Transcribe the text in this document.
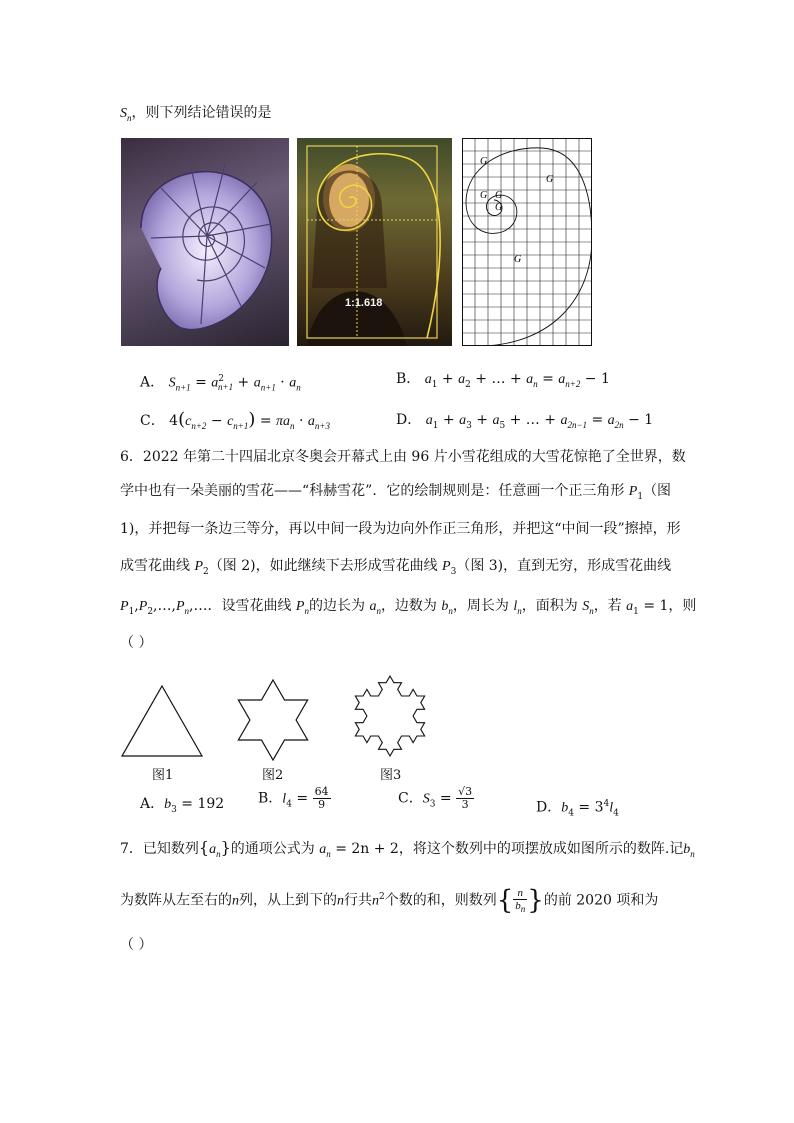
$S_n$，则下列结论错误的是
1:1.618
G
G
G G
G
G
A． $S_{n+1} = a^2_{n+1} + a_{n+1} \cdot a_n$
B． $a_1 + a_2$ + … + $a_n = a_{n+2} - 1$
C． $4(c_{n+2} - c_{n+1}) = \pi a_n \cdot a_{n+3}$	D． $a_1 + a_3 + a_5$ + … + $a_{2n-1} = a_{2n} - 1$
6．2022 年第二十四届北京冬奥会开幕式上由 96 片小雪花组成的大雪花惊艳了全世界，数
学中也有一朵美丽的雪花——“科赫雪花”．它的绘制规则是：任意画一个正三角形 $P_1$（图
1)，并把每一条边三等分，再以中间一段为边向外作正三角形，并把这“中间一段”擦掉，形
成雪花曲线 $P_2$（图 2)，如此继续下去形成雪花曲线 $P_3$（图 3)，直到无穷，形成雪花曲线
$P_1,P_2,\dots,P_n,\dots$．设雪花曲线 $P_n$的边长为 $a_n$，边数为 $b_n$，周长为 $l_n$，面积为 $S_n$，若 $a_1 = 1$，则
（ ）
图1	图2	图3
A．$b_3 = 192$ B．$l_4 = \frac{64}{9}$	C．$S_3 = \frac{√3}{3}$	D．$b_4 = 3^4l_4$
7．已知数列$\{a_n\}$的通项公式为 $a_n = 2n + 2$，将这个数列中的项摆放成如图所示的数阵.记$b_n$
为数阵从左至右的n列，从上到下的n行共$n^2$个数的和，则数列{ $\frac{n}{b_n}$ }的前 2020 项和为
（ ）
